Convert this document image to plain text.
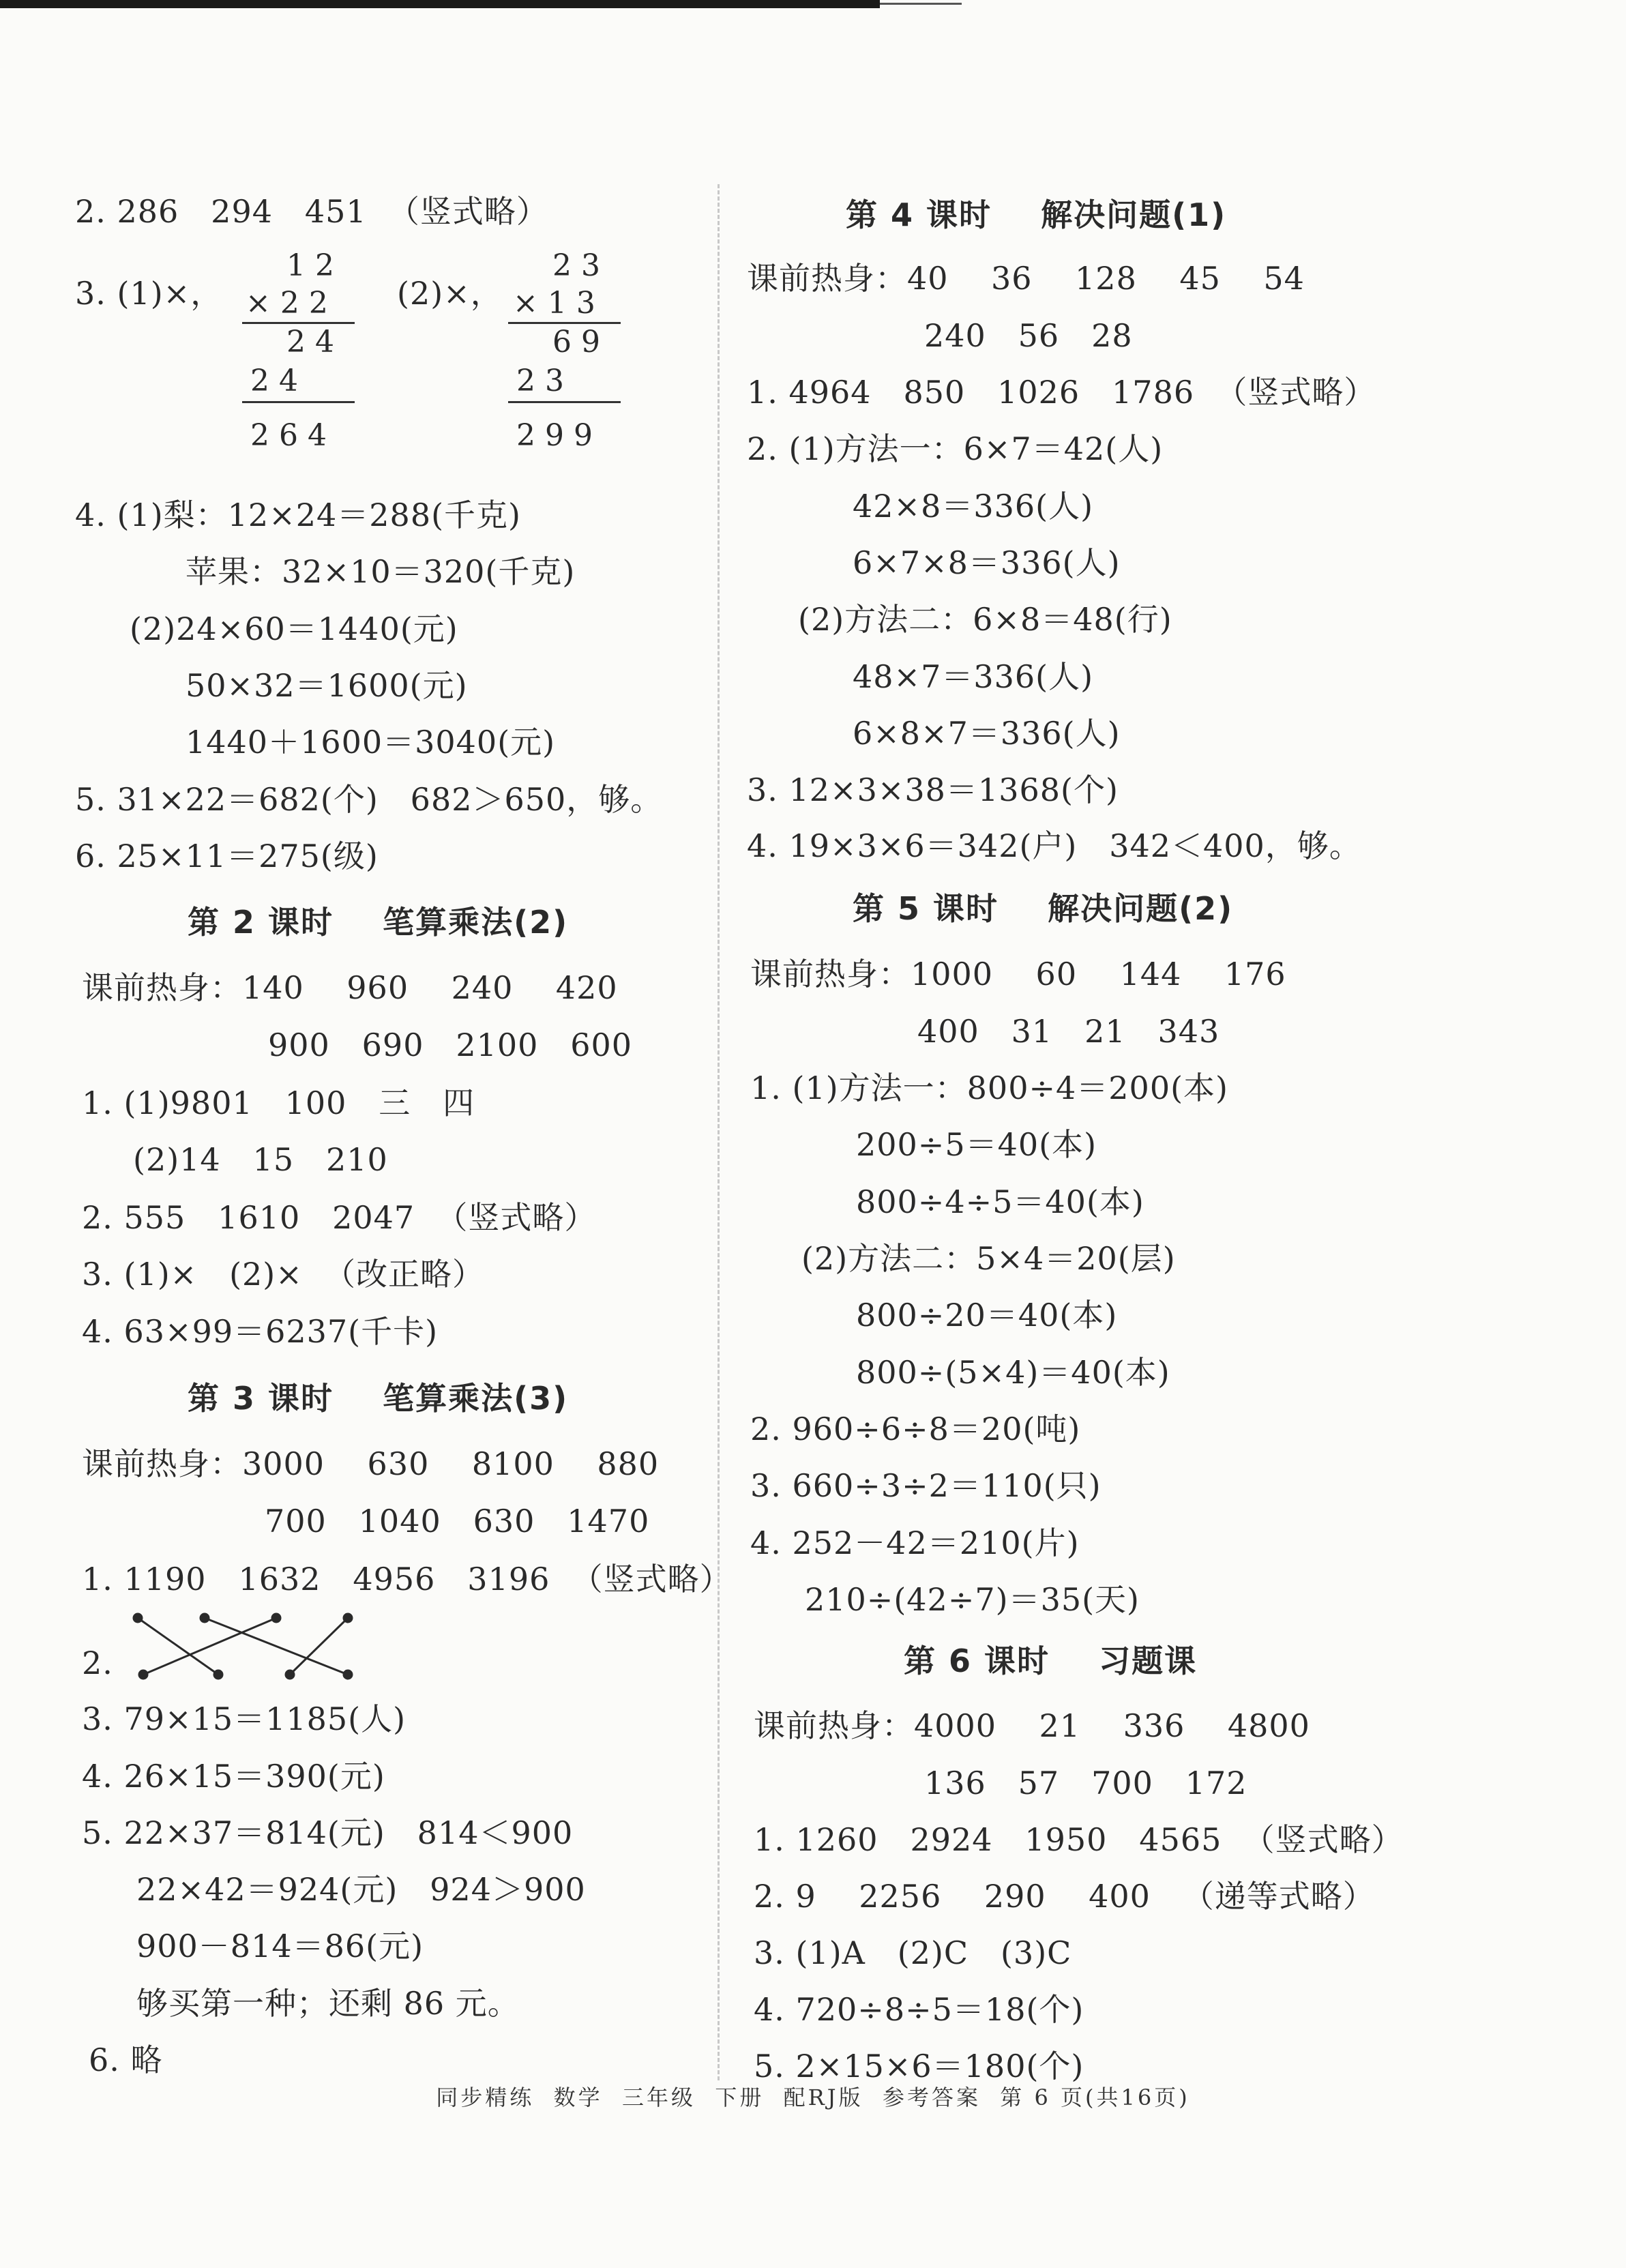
2. 286   294   451  （竖式略）
4. (1)梨：12×24＝288(千克)
苹果：32×10＝320(千克)
(2)24×60＝1440(元)
50×32＝1600(元)
1440＋1600＝3040(元)
5. 31×22＝682(个)   682＞650，够。
6. 25×11＝275(级)
第 2 课时    笔算乘法(2)
课前热身：140    960    240    420
900   690   2100   600
1. (1)9801   100   三   四
(2)14   15   210
2. 555   1610   2047  （竖式略）
3. (1)×   (2)×  （改正略）
4. 63×99＝6237(千卡)
第 3 课时    笔算乘法(3)
课前热身：3000    630    8100    880
700   1040   630   1470
1. 1190   1632   4956   3196  （竖式略）
2.
3. 79×15＝1185(人)
4. 26×15＝390(元)
5. 22×37＝814(元)   814＜900
22×42＝924(元)   924＞900
900－814＝86(元)
够买第一种；还剩 86 元。
6. 略
第 4 课时    解决问题(1)
课前热身：40    36    128    45    54
240   56   28
1. 4964   850   1026   1786  （竖式略）
2. (1)方法一：6×7＝42(人)
42×8＝336(人)
6×7×8＝336(人)
(2)方法二：6×8＝48(行)
48×7＝336(人)
6×8×7＝336(人)
3. 12×3×38＝1368(个)
4. 19×3×6＝342(户)   342＜400，够。
第 5 课时    解决问题(2)
课前热身：1000    60    144    176
400   31   21   343
1. (1)方法一：800÷4＝200(本)
200÷5＝40(本)
800÷4÷5＝40(本)
(2)方法二：5×4＝20(层)
800÷20＝40(本)
800÷(5×4)＝40(本)
2. 960÷6÷8＝20(吨)
3. 660÷3÷2＝110(只)
4. 252－42＝210(片)
210÷(42÷7)＝35(天)
第 6 课时    习题课
课前热身：4000    21    336    4800
136   57   700   172
1. 1260   2924   1950   4565  （竖式略）
2. 9    2256    290    400   （递等式略）
3. (1)A   (2)C   (3)C
4. 720÷8÷5＝18(个)
5. 2×15×6＝180(个)
3. (1)×，
1 2
× 2 2
2 4
2 4
2 6 4
(2)×，
2 3
× 1 3
6 9
2 3
2 9 9
同步精练  数学  三年级  下册  配RJ版  参考答案  第 6 页(共16页)
